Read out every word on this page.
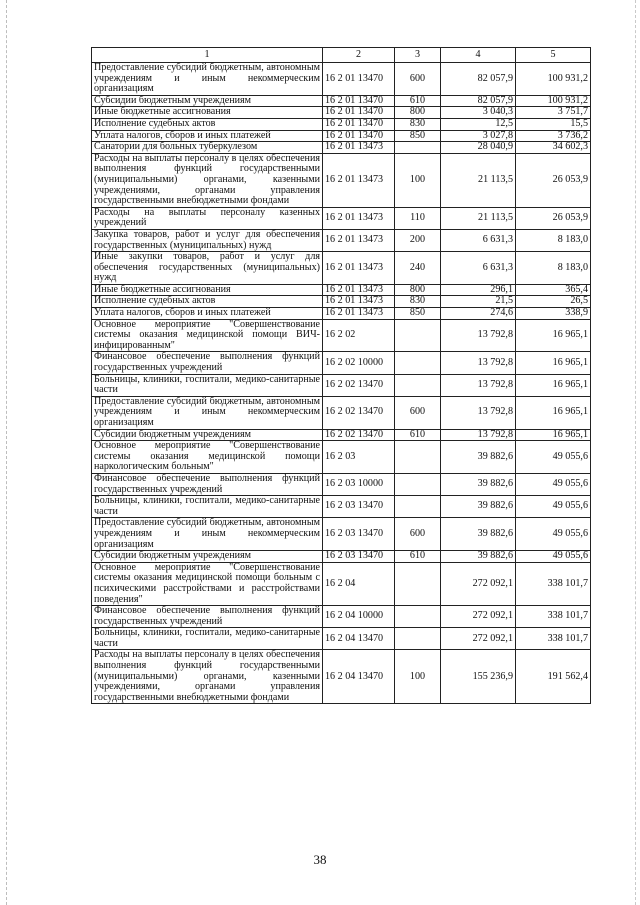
1	2	3	4	5
Предоставление субсидий бюджетным, автономным учреждениям и иным некоммерческим организациям	16 2 01 13470	600	82 057,9	100 931,2
Субсидии бюджетным учреждениям	16 2 01 13470	610	82 057,9	100 931,2
Иные бюджетные ассигнования	16 2 01 13470	800	3 040,3	3 751,7
Исполнение судебных актов	16 2 01 13470	830	12,5	15,5
Уплата налогов, сборов и иных платежей	16 2 01 13470	850	3 027,8	3 736,2
Санатории для больных туберкулезом	16 2 01 13473		28 040,9	34 602,3
Расходы на выплаты персоналу в целях обеспечения выполнения функций государственными (муниципальными) органами, казенными учреждениями, органами управления государственными внебюджетными фондами	16 2 01 13473	100	21 113,5	26 053,9
Расходы на выплаты персоналу казенных учреждений	16 2 01 13473	110	21 113,5	26 053,9
Закупка товаров, работ и услуг для обеспечения государственных (муниципальных) нужд	16 2 01 13473	200	6 631,3	8 183,0
Иные закупки товаров, работ и услуг для обеспечения государственных (муниципальных) нужд	16 2 01 13473	240	6 631,3	8 183,0
Иные бюджетные ассигнования	16 2 01 13473	800	296,1	365,4
Исполнение судебных актов	16 2 01 13473	830	21,5	26,5
Уплата налогов, сборов и иных платежей	16 2 01 13473	850	274,6	338,9
Основное мероприятие "Совершенствование системы оказания медицинской помощи ВИЧ-инфицированным"	16 2 02		13 792,8	16 965,1
Финансовое обеспечение выполнения функций государственных учреждений	16 2 02 10000		13 792,8	16 965,1
Больницы, клиники, госпитали, медико-санитарные части	16 2 02 13470		13 792,8	16 965,1
Предоставление субсидий бюджетным, автономным учреждениям и иным некоммерческим организациям	16 2 02 13470	600	13 792,8	16 965,1
Субсидии бюджетным учреждениям	16 2 02 13470	610	13 792,8	16 965,1
Основное мероприятие "Совершенствование системы оказания медицинской помощи наркологическим больным"	16 2 03		39 882,6	49 055,6
Финансовое обеспечение выполнения функций государственных учреждений	16 2 03 10000		39 882,6	49 055,6
Больницы, клиники, госпитали, медико-санитарные части	16 2 03 13470		39 882,6	49 055,6
Предоставление субсидий бюджетным, автономным учреждениям и иным некоммерческим организациям	16 2 03 13470	600	39 882,6	49 055,6
Субсидии бюджетным учреждениям	16 2 03 13470	610	39 882,6	49 055,6
Основное мероприятие "Совершенствование системы оказания медицинской помощи больным с психическими расстройствами и расстройствами поведения"	16 2 04		272 092,1	338 101,7
Финансовое обеспечение выполнения функций государственных учреждений	16 2 04 10000		272 092,1	338 101,7
Больницы, клиники, госпитали, медико-санитарные части	16 2 04 13470		272 092,1	338 101,7
Расходы на выплаты персоналу в целях обеспечения выполнения функций государственными (муниципальными) органами, казенными учреждениями, органами управления государственными внебюджетными фондами	16 2 04 13470	100	155 236,9	191 562,4
38
